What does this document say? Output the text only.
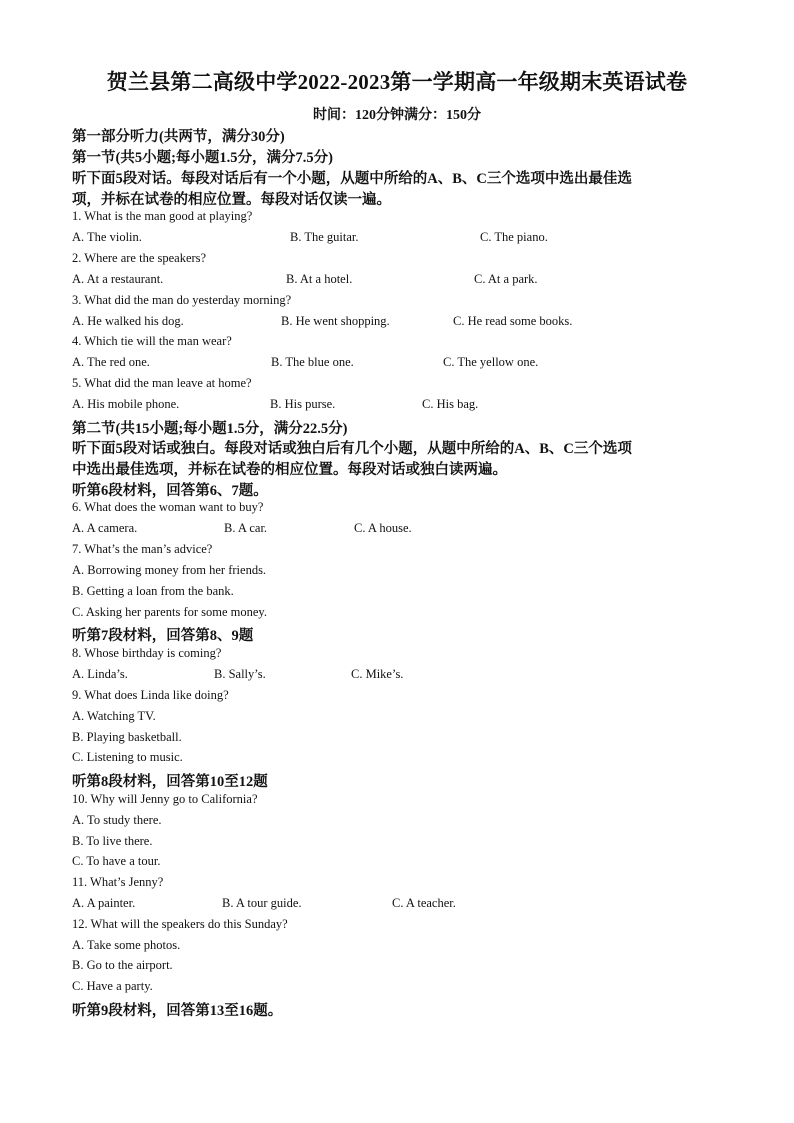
贺兰县第二高级中学2022-2023第一学期高一年级期末英语试卷
时间：120分钟满分：150分
第一部分听力(共两节，满分30分)
第一节(共5小题;每小题1.5分，满分7.5分)
听下面5段对话。每段对话后有一个小题，从题中所给的A、B、C三个选项中选出最佳选
项，并标在试卷的相应位置。每段对话仅读一遍。
1. What is the man good at playing?
A. The violin.	B. The guitar.	C. The piano.
2. Where are the speakers?
A. At a restaurant.	B. At a hotel.	C. At a park.
3. What did the man do yesterday morning?
A. He walked his dog.	B. He went shopping.	C. He read some books.
4. Which tie will the man wear?
A. The red one.	B. The blue one.	C. The yellow one.
5. What did the man leave at home?
A. His mobile phone.	B. His purse.	C. His bag.
第二节(共15小题;每小题1.5分，满分22.5分)
听下面5段对话或独白。每段对话或独白后有几个小题，从题中所给的A、B、C三个选项
中选出最佳选项，并标在试卷的相应位置。每段对话或独白读两遍。
听第6段材料，回答第6、7题。
6. What does the woman want to buy?
A. A camera.	B. A car.	C. A house.
7. What’s the man’s advice?
A. Borrowing money from her friends.
B. Getting a loan from the bank.
C. Asking her parents for some money.
听第7段材料，回答第8、9题
8. Whose birthday is coming?
A. Linda’s.	B. Sally’s.	C. Mike’s.
9. What does Linda like doing?
A. Watching TV.
B. Playing basketball.
C. Listening to music.
听第8段材料，回答第10至12题
10. Why will Jenny go to California?
A. To study there.
B. To live there.
C. To have a tour.
11. What’s Jenny?
A. A painter.	B. A tour guide.	C. A teacher.
12. What will the speakers do this Sunday?
A. Take some photos.
B. Go to the airport.
C. Have a party.
听第9段材料，回答第13至16题。
